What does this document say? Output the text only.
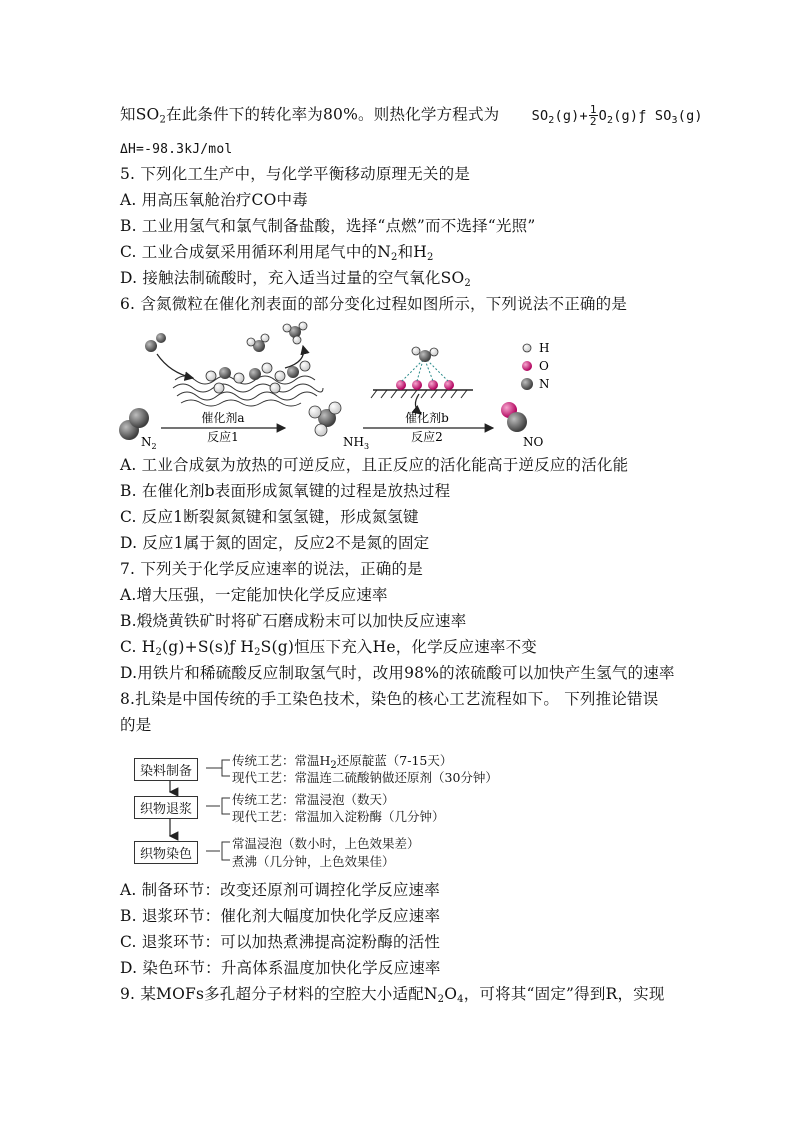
知$SO_2$在此条件下的转化率为80%。则热化学方程式为 $SO_2(g)+ \frac{1}{2}$ $O_2(g)ƒ$ $SO_3(g)$
ΔH=-98.3kJ/mol
5. 下列化工生产中，与化学平衡移动原理无关的是
A. 用高压氧舱治疗CO中毒
B. 工业用氢气和氯气制备盐酸，选择“点燃”而不选择“光照”
C. 工业合成氨采用循环利用尾气中的$N_2$和$H_2$
D. 接触法制硫酸时，充入适当过量的空气氧化$SO_2$
6. 含氮微粒在催化剂表面的部分变化过程如图所示，下列说法不正确的是
$N_2$
催化剂a
反应1	$NH_3$
催化剂b
反应2	NO
H
O
N
A. 工业合成氨为放热的可逆反应，且正反应的活化能高于逆反应的活化能
B. 在催化剂b表面形成氮氧键的过程是放热过程
C. 反应1断裂氮氮键和氢氢键，形成氮氢键
D. 反应1属于氮的固定，反应2不是氮的固定
7. 下列关于化学反应速率的说法，正确的是
A.增大压强，一定能加快化学反应速率
B.煅烧黄铁矿时将矿石磨成粉末可以加快反应速率
C. $H_2(g)+S(s)ƒ$ $H_2S(g)$恒压下充入He，化学反应速率不变
D.用铁片和稀硫酸反应制取氢气时，改用98%的浓硫酸可以加快产生氢气的速率
8.扎染是中国传统的手工染色技术，染色的核心工艺流程如下。 下列推论错误
的是
染料制备
织物退浆
织物染色
传统工艺：常温$H_2$还原靛蓝（7-15天）
现代工艺：常温连二硫酸钠做还原剂（30分钟）
传统工艺：常温浸泡（数天）
现代工艺：常温加入淀粉酶（几分钟）
常温浸泡（数小时，上色效果差）
煮沸（几分钟，上色效果佳）
A. 制备环节：改变还原剂可调控化学反应速率
B. 退浆环节：催化剂大幅度加快化学反应速率
C. 退浆环节：可以加热煮沸提高淀粉酶的活性
D. 染色环节：升高体系温度加快化学反应速率
9. 某MOFs多孔超分子材料的空腔大小适配$N_2O_4$，可将其“固定”得到R，实现
